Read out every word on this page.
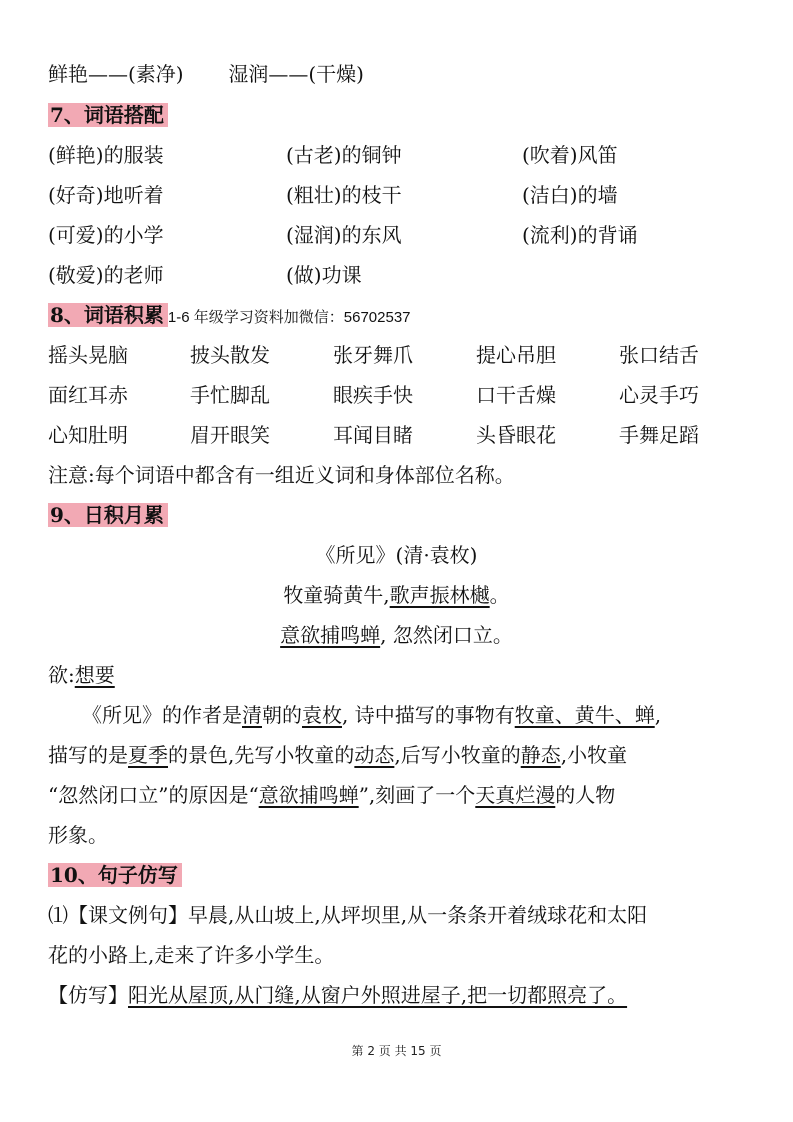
鲜艳——(素净) 湿润——(干燥)
7、词语搭配
(鲜艳)的服装	(古老)的铜钟	(吹着)风笛
(好奇)地听着	(粗壮)的枝干	(洁白)的墙
(可爱)的小学	(湿润)的东风	(流利)的背诵
(敬爱)的老师	(做)功课
8、词语积累 1-6 年级学习资料加微信：56702537
摇头晃脑	披头散发	张牙舞爪	提心吊胆	张口结舌
面红耳赤	手忙脚乱	眼疾手快	口干舌燥	心灵手巧
心知肚明	眉开眼笑	耳闻目睹	头昏眼花	手舞足蹈
注意:每个词语中都含有一组近义词和身体部位名称。
9、日积月累
《所见》(清·袁枚)
牧童骑黄牛,歌声振林樾。
意欲捕鸣蝉, 忽然闭口立。
欲:想要
《所见》的作者是清朝的袁枚, 诗中描写的事物有牧童、黄牛、蝉,
描写的是夏季的景色,先写小牧童的动态,后写小牧童的静态,小牧童
“忽然闭口立”的原因是“意欲捕鸣蝉”,刻画了一个天真烂漫的人物
形象。
10、句子仿写
⑴【课文例句】早晨,从山坡上,从坪坝里,从一条条开着绒球花和太阳
花的小路上,走来了许多小学生。
【仿写】阳光从屋顶,从门缝,从窗户外照进屋子,把一切都照亮了。
第 2 页 共 15 页
